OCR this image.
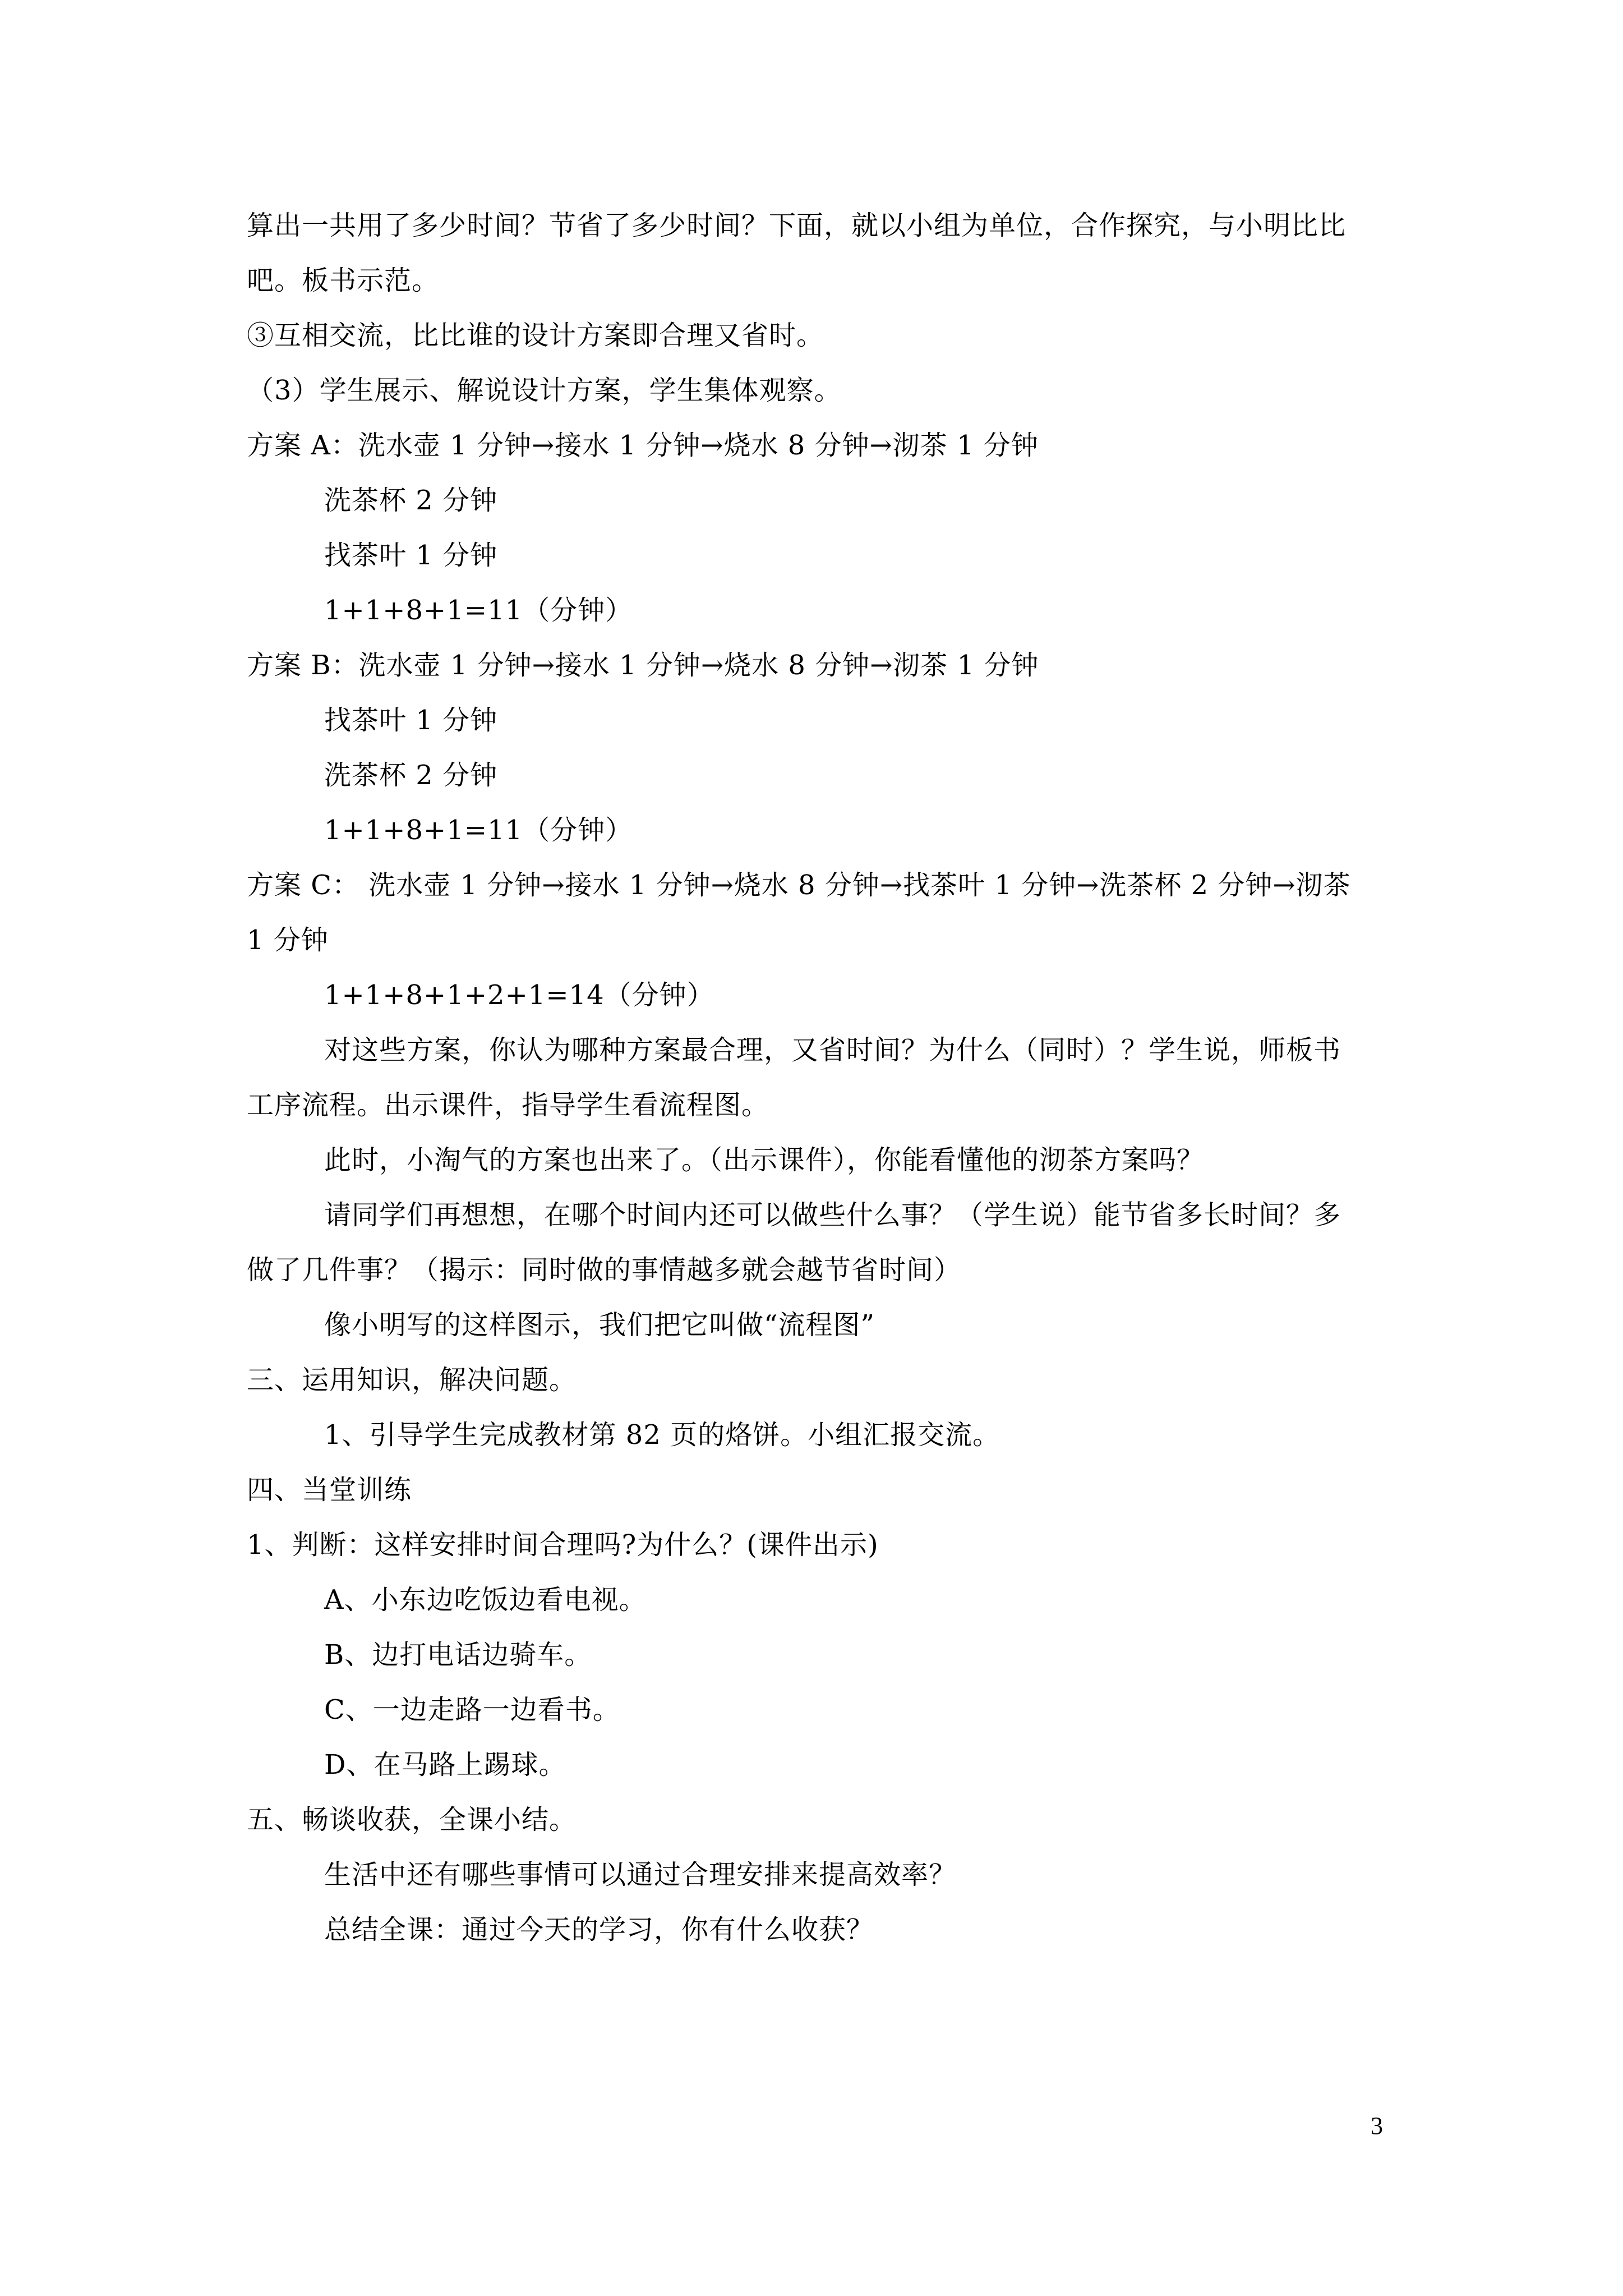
算出一共用了多少时间？节省了多少时间？下面，就以小组为单位，合作探究，与小明比比
吧。板书示范。
③互相交流，比比谁的设计方案即合理又省时。
（3）学生展示、解说设计方案，学生集体观察。
方案 A：洗水壶 1 分钟→接水 1 分钟→烧水 8 分钟→沏茶 1 分钟
洗茶杯 2 分钟
找茶叶 1 分钟
1+1+8+1=11（分钟）
方案 B：洗水壶 1 分钟→接水 1 分钟→烧水 8 分钟→沏茶 1 分钟
找茶叶 1 分钟
洗茶杯 2 分钟
1+1+8+1=11（分钟）
方案 C： 洗水壶 1 分钟→接水 1 分钟→烧水 8 分钟→找茶叶 1 分钟→洗茶杯 2 分钟→沏茶
1 分钟
1+1+8+1+2+1=14（分钟）
对这些方案，你认为哪种方案最合理，又省时间？为什么（同时）？学生说，师板书
工序流程。出示课件，指导学生看流程图。
此时，小淘气的方案也出来了。（出示课件），你能看懂他的沏茶方案吗？
请同学们再想想，在哪个时间内还可以做些什么事？（学生说）能节省多长时间？多
做了几件事？（揭示：同时做的事情越多就会越节省时间）
像小明写的这样图示，我们把它叫做“流程图”
三、运用知识，解决问题。
1、引导学生完成教材第 82 页的烙饼。小组汇报交流。
四、当堂训练
1、判断：这样安排时间合理吗?为什么？(课件出示)
A、小东边吃饭边看电视。
B、边打电话边骑车。
C、一边走路一边看书。
D、在马路上踢球。
五、畅谈收获，全课小结。
生活中还有哪些事情可以通过合理安排来提高效率？
总结全课：通过今天的学习，你有什么收获？
3
